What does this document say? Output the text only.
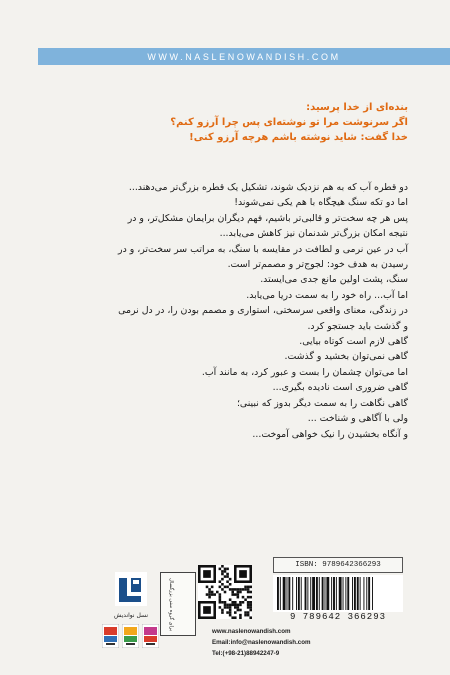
WWW.NASLENOWANDISH.COM
بنده‌ای از خدا پرسید:
اگر سرنوشت مرا تو نوشته‌ای پس چرا آرزو کنم؟
خدا گفت: شاید نوشته باشم هرچه آرزو کنی!
دو قطره آب که به هم نزدیک شوند، تشکیل یک قطره بزرگ‌تر می‌دهند...
اما دو تکه سنگ هیچگاه با هم یکی نمی‌شوند!
پس هر چه سخت‌تر و قالبی‌تر باشیم، فهم دیگران برایمان مشکل‌تر، و در
نتیجه امکان بزرگ‌تر شدنمان نیز کاهش می‌یابد...
آب در عین نرمی و لطافت در مقایسه با سنگ، به مراتب سر سخت‌تر، و در
رسیدن به هدف خود: لجوج‌تر و مصمم‌تر است.
سنگ، پشت اولین مانع جدی می‌ایستد.
اما آب... راه خود را به سمت دریا می‌یابد.
در زندگی، معنای واقعی سرسختی، استواری و مصمم بودن را، در دل نرمی
و گذشت باید جستجو کرد.
گاهی لازم است کوتاه بیایی.
گاهی نمی‌توان بخشید و گذشت.
اما می‌توان چشمان را بست و عبور کرد، به مانند آب.
گاهی ضروری است نادیده بگیری...
گاهی نگاهت را به سمت دیگر بدوز که نبینی؛
ولی با آگاهی و شناخت ...
و آنگاه بخشیدن را نیک خواهی آموخت...
ISBN: 9789642366293
9 789642 366293
www.naslenowandish.com
Email:info@naslenowandish.com
Tel:(+98-21)88942247-9
برای گروه سنی بزرگسال
نسل نواندیش
